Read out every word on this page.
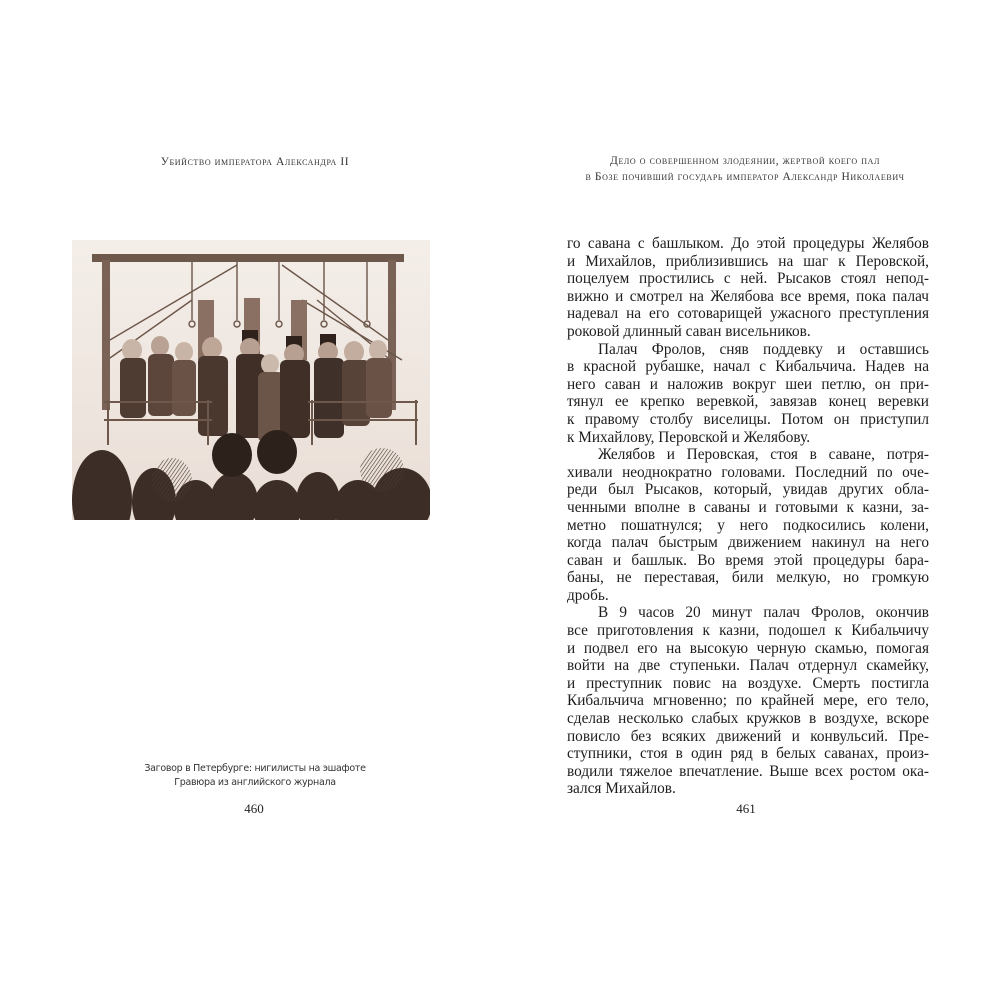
Убийство императора Александра II
Заговор в Петербурге: нигилисты на эшафоте
Гравюра из английского журнала
460
Дело о совершенном злодеянии, жертвой коего пал
в Бозе почивший государь император Александр Николаевич
го савана с башлыком. До этой процедуры Желябов
и Михайлов, приблизившись на шаг к Перовской,
поцелуем простились с ней. Рысаков стоял непод-
вижно и смотрел на Желябова все время, пока палач
надевал на его сотоварищей ужасного преступления
роковой длинный саван висельников.
Палач Фролов, сняв поддевку и оставшись
в красной рубашке, начал с Кибальчича. Надев на
него саван и наложив вокруг шеи петлю, он при-
тянул ее крепко веревкой, завязав конец веревки
к правому столбу виселицы. Потом он приступил
к Михайлову, Перовской и Желябову.
Желябов и Перовская, стоя в саване, потря-
хивали неоднократно головами. Последний по оче-
реди был Рысаков, который, увидав других обла-
ченными вполне в саваны и готовыми к казни, за-
метно пошатнулся; у него подкосились колени,
когда палач быстрым движением накинул на него
саван и башлык. Во время этой процедуры бара-
баны, не переставая, били мелкую, но громкую
дробь.
В 9 часов 20 минут палач Фролов, окончив
все приготовления к казни, подошел к Кибальчичу
и подвел его на высокую черную скамью, помогая
войти на две ступеньки. Палач отдернул скамейку,
и преступник повис на воздухе. Смерть постигла
Кибальчича мгновенно; по крайней мере, его тело,
сделав несколько слабых кружков в воздухе, вскоре
повисло без всяких движений и конвульсий. Пре-
ступники, стоя в один ряд в белых саванах, произ-
водили тяжелое впечатление. Выше всех ростом ока-
зался Михайлов.
461
